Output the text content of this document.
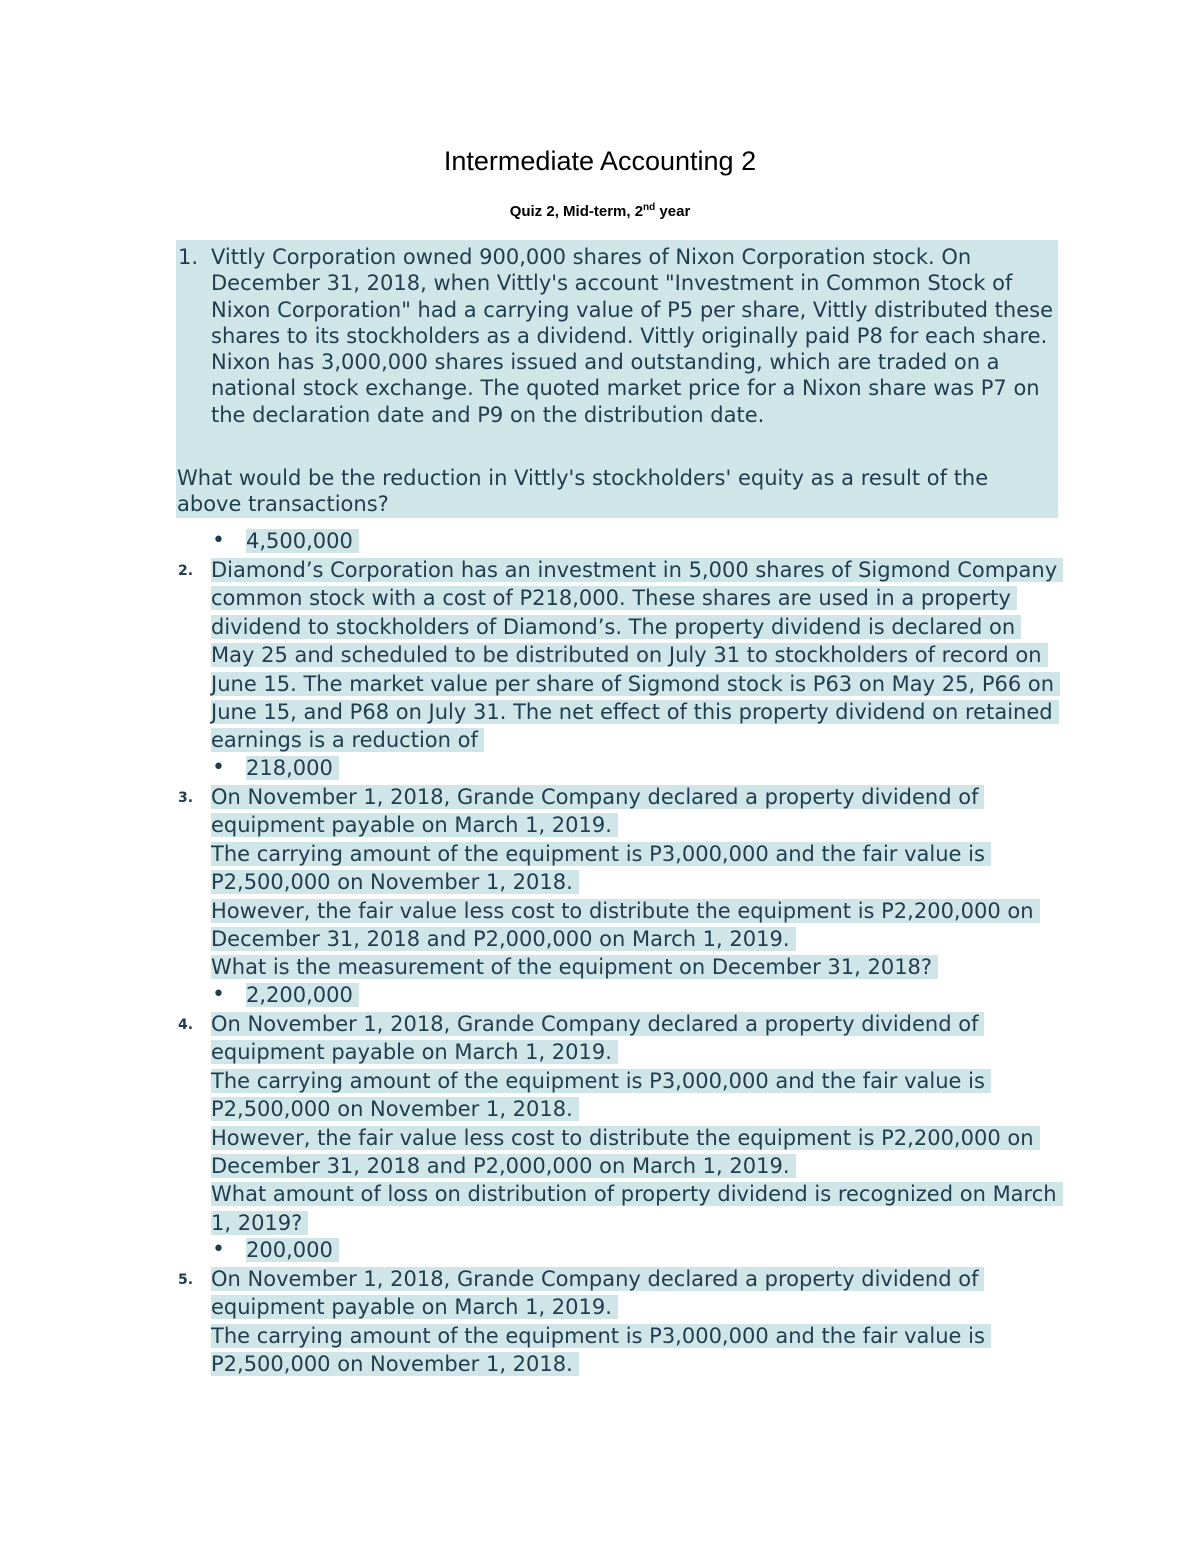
Intermediate Accounting 2
Quiz 2, Mid-term, 2nd year
1. Vittly Corporation owned 900,000 shares of Nixon Corporation stock. On December 31, 2018, when Vittly's account "Investment in Common Stock of Nixon Corporation" had a carrying value of P5 per share, Vittly distributed these shares to its stockholders as a dividend. Vittly originally paid P8 for each share. Nixon has 3,000,000 shares issued and outstanding, which are traded on a national stock exchange. The quoted market price for a Nixon share was P7 on the declaration date and P9 on the distribution date.

What would be the reduction in Vittly's stockholders' equity as a result of the above transactions?

• 4,500,000
2. Diamond’s Corporation has an investment in 5,000 shares of Sigmond Company common stock with a cost of P218,000. These shares are used in a property dividend to stockholders of Diamond’s. The property dividend is declared on May 25 and scheduled to be distributed on July 31 to stockholders of record on June 15. The market value per share of Sigmond stock is P63 on May 25, P66 on June 15, and P68 on July 31. The net effect of this property dividend on retained earnings is a reduction of
• 218,000
3. On November 1, 2018, Grande Company declared a property dividend of equipment payable on March 1, 2019.

The carrying amount of the equipment is P3,000,000 and the fair value is P2,500,000 on November 1, 2018.

However, the fair value less cost to distribute the equipment is P2,200,000 on December 31, 2018 and P2,000,000 on March 1, 2019.

What is the measurement of the equipment on December 31, 2018?

• 2,200,000
4. On November 1, 2018, Grande Company declared a property dividend of equipment payable on March 1, 2019.

The carrying amount of the equipment is P3,000,000 and the fair value is P2,500,000 on November 1, 2018.

However, the fair value less cost to distribute the equipment is P2,200,000 on December 31, 2018 and P2,000,000 on March 1, 2019.

What amount of loss on distribution of property dividend is recognized on March 1, 2019?

• 200,000
5. On November 1, 2018, Grande Company declared a property dividend of equipment payable on March 1, 2019.

The carrying amount of the equipment is P3,000,000 and the fair value is P2,500,000 on November 1, 2018.
